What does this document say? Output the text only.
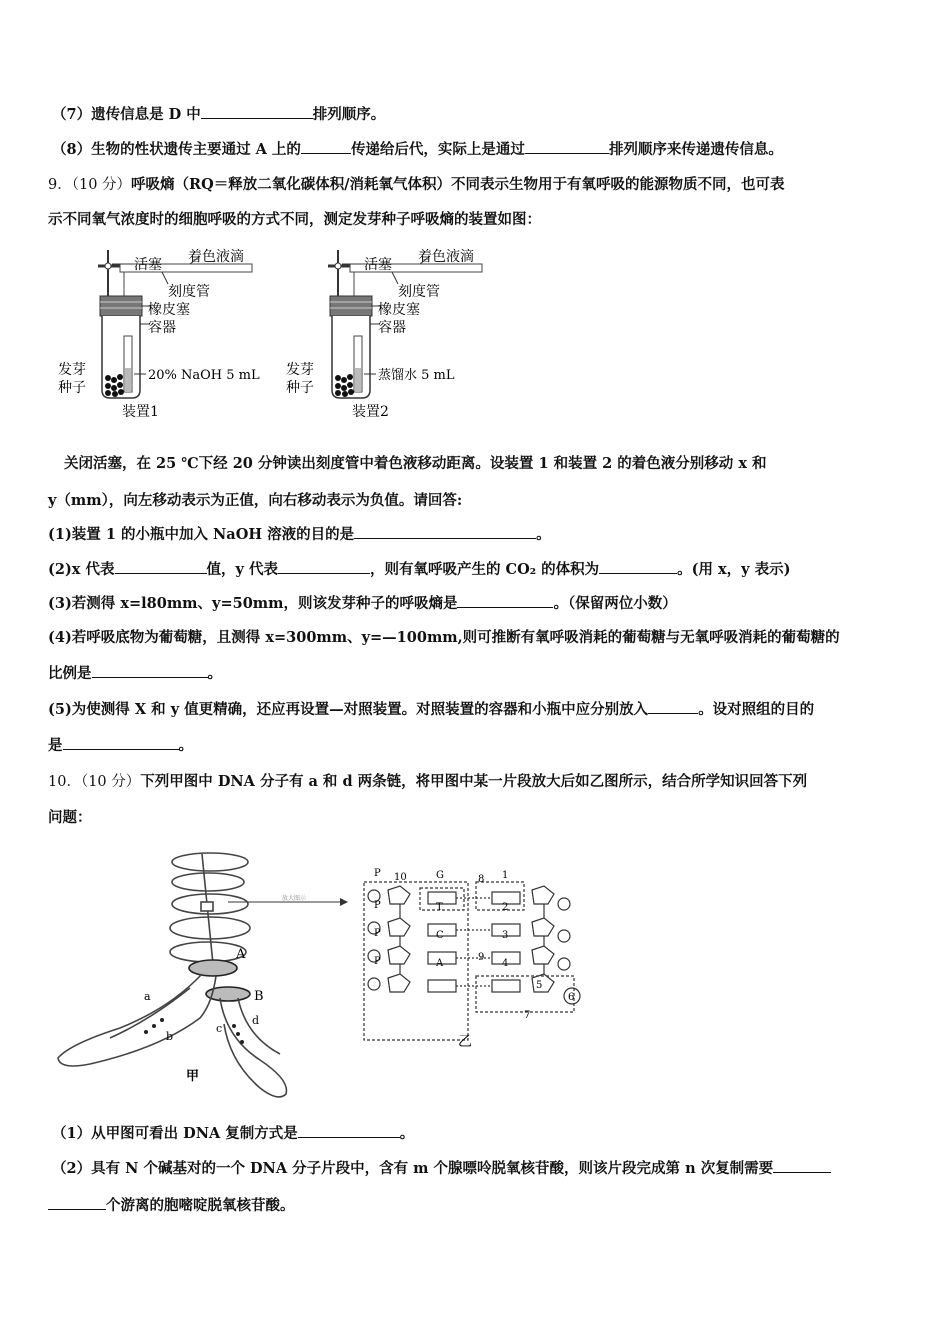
（7）遗传信息是 D 中	排列顺序。
（8）生物的性状遗传主要通过 A 上的	传递给后代，实际上是通过	排列顺序来传递遗传信息。
9．（10 分）呼吸熵（RQ＝释放二氧化碳体积/消耗氧气体积）不同表示生物用于有氧呼吸的能源物质不同，也可表
示不同氧气浓度时的细胞呼吸的方式不同，测定发芽种子呼吸熵的装置如图：
活塞 着色液滴
刻度管
橡皮塞
容器
20% NaOH 5 mL
发芽
种子
装置1
活塞 着色液滴
刻度管
橡皮塞
容器
蒸馏水 5 mL
发芽
种子
装置2
关闭活塞，在 25 ℃下经 20 分钟读出刻度管中着色液移动距离。设装置 1 和装置 2 的着色液分别移动 x 和
y（mm），向左移动表示为正值，向右移动表示为负值。请回答:
(1)装置 1 的小瓶中加入 NaOH 溶液的目的是	。
(2)x 代表	值，y 代表	，则有氧呼吸产生的 CO₂ 的体积为	。(用 x，y 表示)
(3)若测得 x=l80mm、y=50mm，则该发芽种子的呼吸熵是	。（保留两位小数）
(4)若呼吸底物为葡萄糖，且测得 x=300mm、y=—100mm,则可推断有氧呼吸消耗的葡萄糖与无氧呼吸消耗的葡萄糖的
比例是	。
(5)为使测得 X 和 y 值更精确，还应再设置—对照装置。对照装置的容器和小瓶中应分别放入	。设对照组的目的
是	。
10．（10 分）下列甲图中 DNA 分子有 a 和 d 两条链，将甲图中某一片段放大后如乙图所示，结合所学知识回答下列
问题：
A
B
a
b
c
d
甲
放大图示
P
P
P
P
G
T
C
A
1
2
3
4
10	8
9
7
5
6
乙
（1）从甲图可看出 DNA 复制方式是	。
（2）具有 N 个碱基对的一个 DNA 分子片段中，含有 m 个腺嘌呤脱氧核苷酸，则该片段完成第 n 次复制需要
个游离的胞嘧啶脱氧核苷酸。
